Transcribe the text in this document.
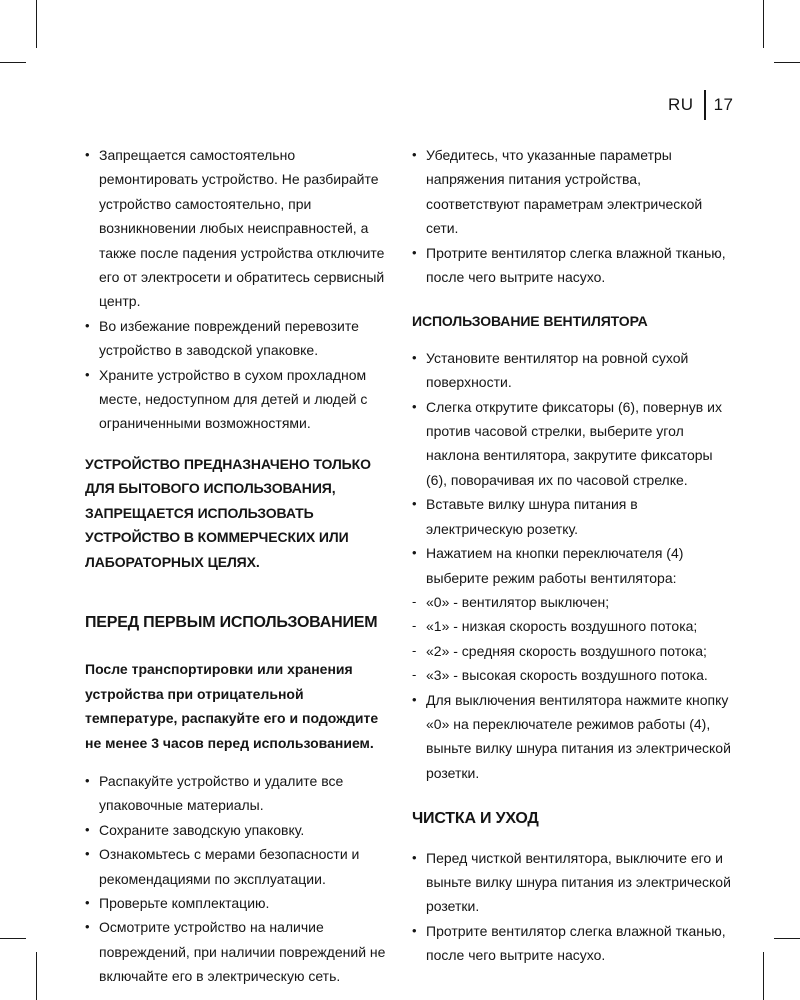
RU 17
• Запрещается самостоятельно ремонтировать устройство. Не разбирайте устройство самостоятельно, при возникновении любых неисправностей, а также после падения устройства отключите его от электросети и обратитесь сервисный центр.
• Во избежание повреждений перевозите устройство в заводской упаковке.
• Храните устройство в сухом прохладном месте, недоступном для детей и людей с ограниченными возможностями.

УСТРОЙСТВО ПРЕДНАЗНАЧЕНО ТОЛЬКО ДЛЯ БЫТОВОГО ИСПОЛЬЗОВАНИЯ, ЗАПРЕЩАЕТСЯ ИСПОЛЬЗОВАТЬ УСТРОЙСТВО В КОММЕРЧЕСКИХ ИЛИ ЛАБОРАТОРНЫХ ЦЕЛЯХ.

ПЕРЕД ПЕРВЫМ ИСПОЛЬЗОВАНИЕМ

После транспортировки или хранения устройства при отрицательной температуре, распакуйте его и подождите не менее 3 часов перед использованием.

• Распакуйте устройство и удалите все упаковочные материалы.
• Сохраните заводскую упаковку.
• Ознакомьтесь с мерами безопасности и рекомендациями по эксплуатации.
• Проверьте комплектацию.
• Осмотрите устройство на наличие повреждений, при наличии повреждений не включайте его в электрическую сеть.
• Убедитесь, что указанные параметры напряжения питания устройства, соответствуют параметрам электрической сети.
• Протрите вентилятор слегка влажной тканью, после чего вытрите насухо.
ИСПОЛЬЗОВАНИЕ ВЕНТИЛЯТОРА
• Установите вентилятор на ровной сухой поверхности.
• Слегка открутите фиксаторы (6), повернув их против часовой стрелки, выберите угол наклона вентилятора, закрутите фиксаторы (6), поворачивая их по часовой стрелке.
• Вставьте вилку шнура питания в электрическую розетку.
• Нажатием на кнопки переключателя (4) выберите режим работы вентилятора:
- «0» - вентилятор выключен;
- «1» - низкая скорость воздушного потока;
- «2» - средняя скорость воздушного потока;
- «3» - высокая скорость воздушного потока.
• Для выключения вентилятора нажмите кнопку «0» на переключателе режимов работы (4), выньте вилку шнура питания из электрической розетки.
ЧИСТКА И УХОД
• Перед чисткой вентилятора, выключите его и выньте вилку шнура питания из электрической розетки.
• Протрите вентилятор слегка влажной тканью, после чего вытрите насухо.
